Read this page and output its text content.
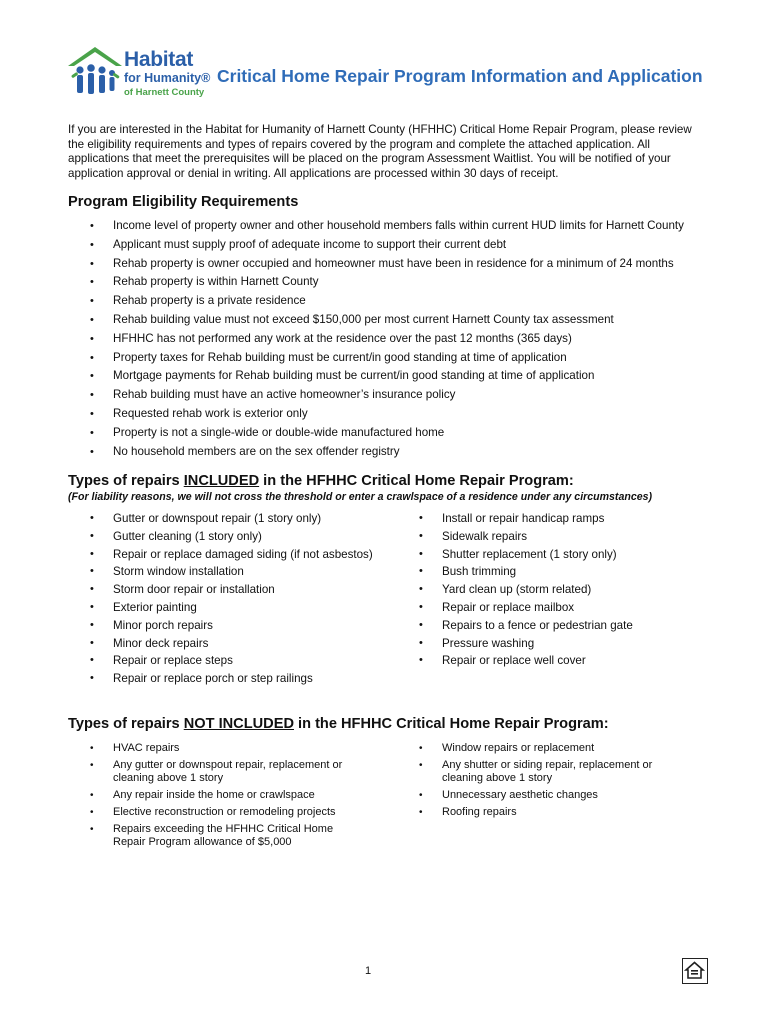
Habitat
for Humanity®
of Harnett County
Critical Home Repair Program Information and Application
If you are interested in the Habitat for Humanity of Harnett County (HFHHC) Critical Home Repair Program, please review the eligibility requirements and types of repairs covered by the program and complete the attached application. All applications that meet the prerequisites will be placed on the program Assessment Waitlist. You will be notified of your application approval or denial in writing. All applications are processed within 30 days of receipt.
Program Eligibility Requirements
• Income level of property owner and other household members falls within current HUD limits for Harnett County
• Applicant must supply proof of adequate income to support their current debt
• Rehab property is owner occupied and homeowner must have been in residence for a minimum of 24 months
• Rehab property is within Harnett County
• Rehab property is a private residence
• Rehab building value must not exceed $150,000 per most current Harnett County tax assessment
• HFHHC has not performed any work at the residence over the past 12 months (365 days)
• Property taxes for Rehab building must be current/in good standing at time of application
• Mortgage payments for Rehab building must be current/in good standing at time of application
• Rehab building must have an active homeowner’s insurance policy
• Requested rehab work is exterior only
• Property is not a single-wide or double-wide manufactured home
• No household members are on the sex offender registry
Types of repairs INCLUDED in the HFHHC Critical Home Repair Program:
(For liability reasons, we will not cross the threshold or enter a crawlspace of a residence under any circumstances)
• Gutter or downspout repair (1 story only)
• Gutter cleaning (1 story only)
• Repair or replace damaged siding (if not asbestos)
• Storm window installation
• Storm door repair or installation
• Exterior painting
• Minor porch repairs
• Minor deck repairs
• Repair or replace steps
• Repair or replace porch or step railings
• Install or repair handicap ramps
• Sidewalk repairs
• Shutter replacement (1 story only)
• Bush trimming
• Yard clean up (storm related)
• Repair or replace mailbox
• Repairs to a fence or pedestrian gate
• Pressure washing
• Repair or replace well cover
Types of repairs NOT INCLUDED in the HFHHC Critical Home Repair Program:
• HVAC repairs
• Any gutter or downspout repair, replacement or cleaning above 1 story
• Any repair inside the home or crawlspace
• Elective reconstruction or remodeling projects
• Repairs exceeding the HFHHC Critical Home Repair Program allowance of $5,000
• Window repairs or replacement
• Any shutter or siding repair, replacement or cleaning above 1 story
• Unnecessary aesthetic changes
• Roofing repairs
1
